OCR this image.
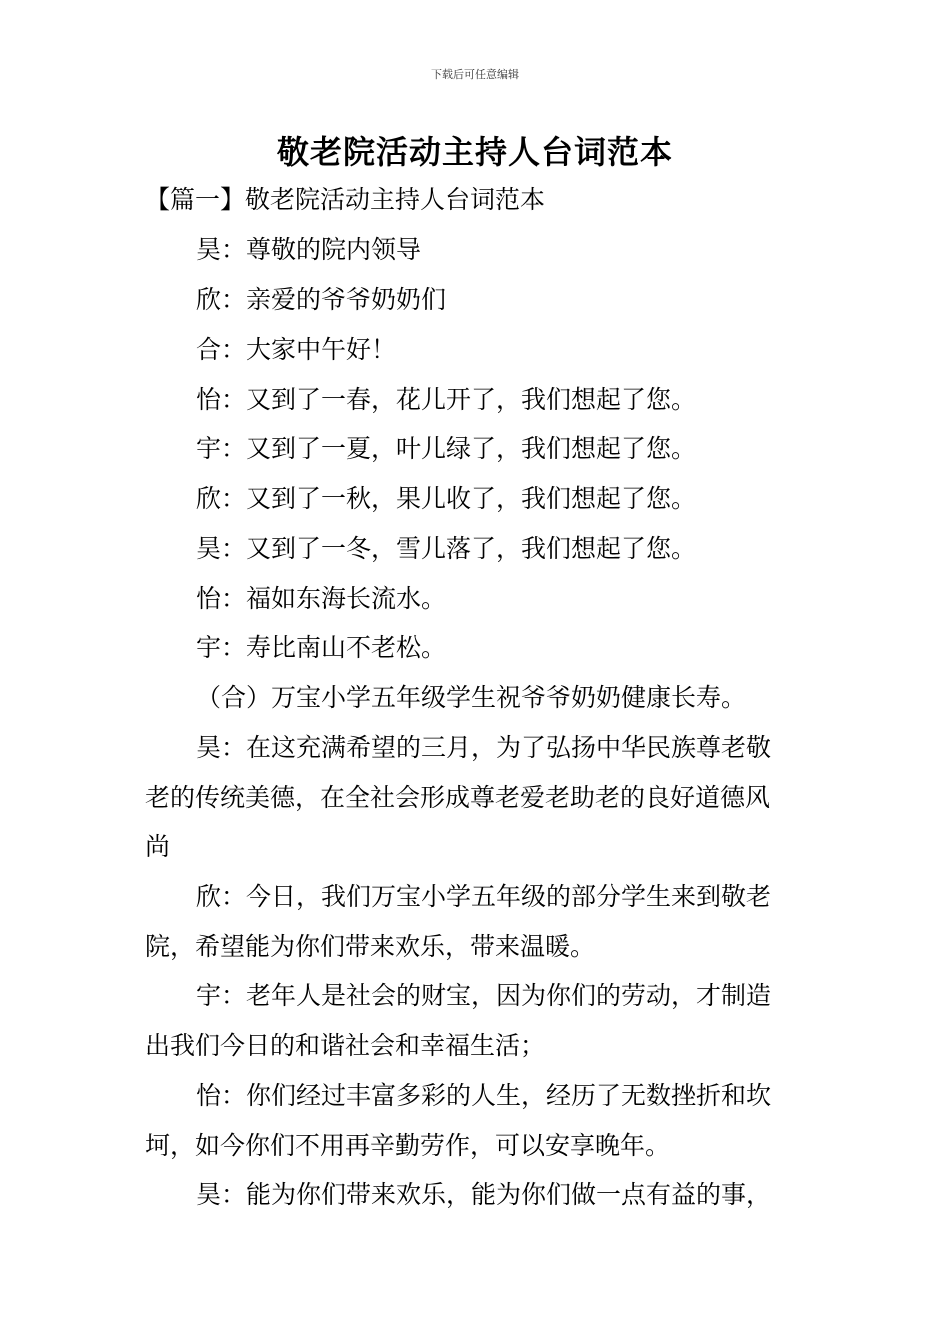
下载后可任意编辑
敬老院活动主持人台词范本
【篇一】敬老院活动主持人台词范本
昊：尊敬的院内领导
欣：亲爱的爷爷奶奶们
合：大家中午好！
怡：又到了一春，花儿开了，我们想起了您。
宇：又到了一夏，叶儿绿了，我们想起了您。
欣：又到了一秋，果儿收了，我们想起了您。
昊：又到了一冬，雪儿落了，我们想起了您。
怡：福如东海长流水。
宇：寿比南山不老松。
（合）万宝小学五年级学生祝爷爷奶奶健康长寿。
昊：在这充满希望的三月，为了弘扬中华民族尊老敬
老的传统美德，在全社会形成尊老爱老助老的良好道德风
尚
欣：今日，我们万宝小学五年级的部分学生来到敬老
院，希望能为你们带来欢乐，带来温暖。
宇：老年人是社会的财宝，因为你们的劳动，才制造
出我们今日的和谐社会和幸福生活；
怡：你们经过丰富多彩的人生，经历了无数挫折和坎
坷，如今你们不用再辛勤劳作，可以安享晚年。
昊：能为你们带来欢乐，能为你们做一点有益的事，
